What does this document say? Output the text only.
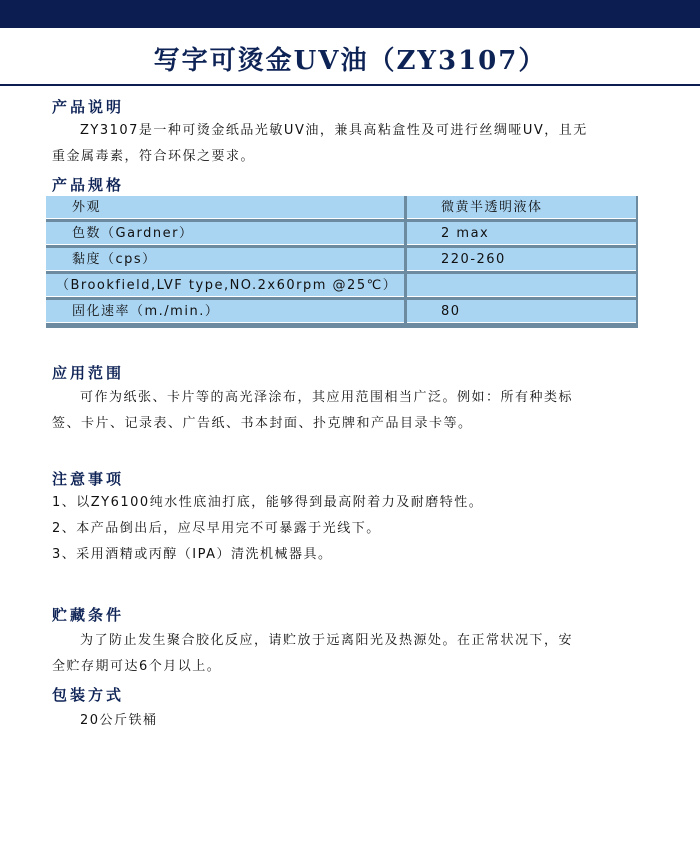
写字可烫金UV油（ZY3107）
产品说明
ZY3107是一种可烫金纸品光敏UV油，兼具高粘盒性及可进行丝绸哑UV，且无
重金属毒素，符合环保之要求。
产品规格
外观	微黄半透明液体
色数（Gardner）	2 max
黏度（cps）	220-260
（Brookfield,LVF type,NO.2x60rpm @25℃）
固化速率（m./min.）	80
应用范围
可作为纸张、卡片等的高光泽涂布，其应用范围相当广泛。例如：所有种类标
签、卡片、记录表、广告纸、书本封面、扑克牌和产品目录卡等。
注意事项
1、以ZY6100纯水性底油打底，能够得到最高附着力及耐磨特性。
2、本产品倒出后，应尽早用完不可暴露于光线下。
3、采用酒精或丙醇（IPA）清洗机械器具。
贮藏条件
为了防止发生聚合胶化反应，请贮放于远离阳光及热源处。在正常状况下，安
全贮存期可达6个月以上。
包装方式
20公斤铁桶
